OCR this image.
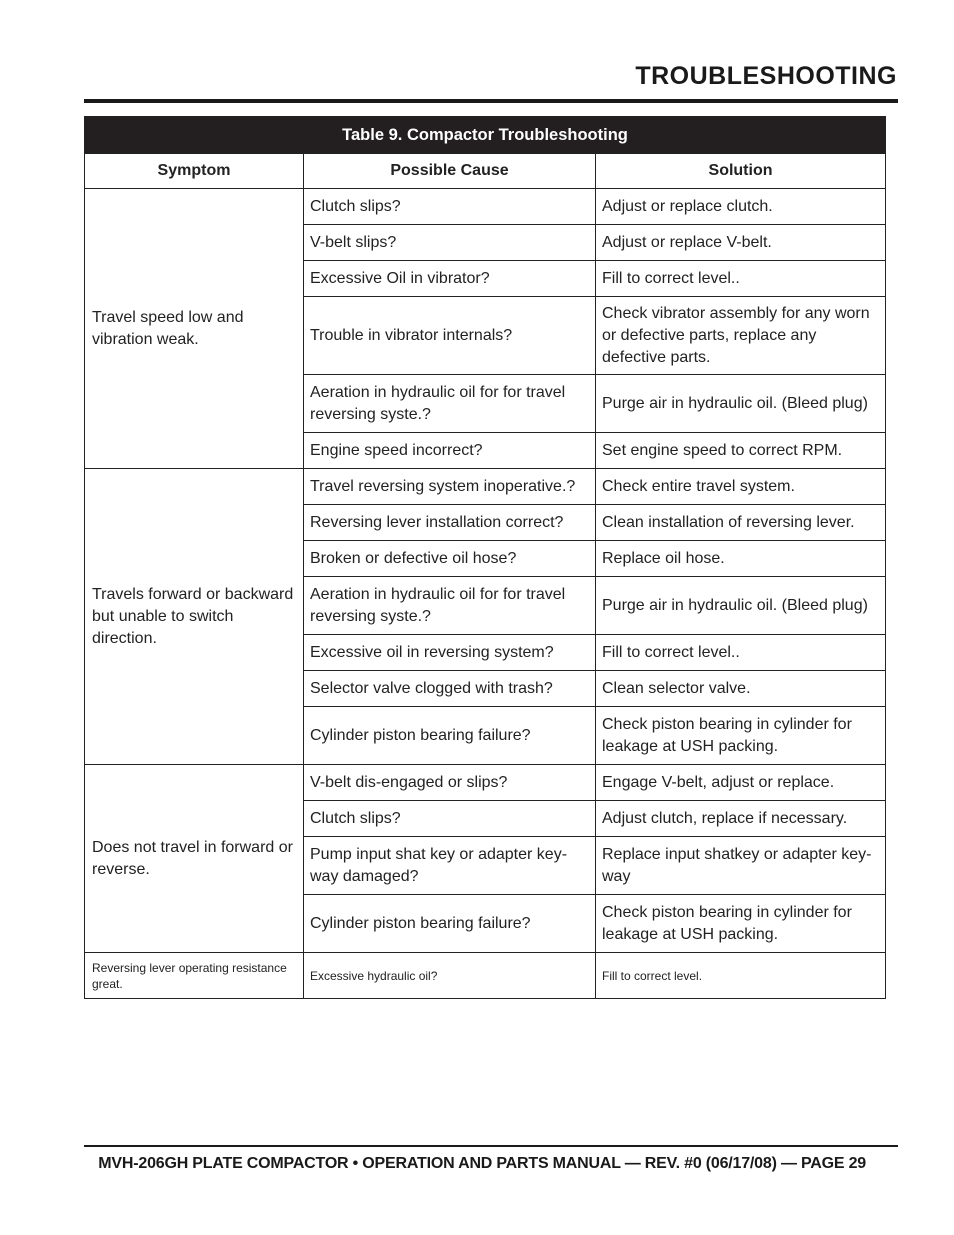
TROUBLESHOOTING
Table 9. Compactor Troubleshooting		
Symptom	Possible Cause	Solution
Travel speed low and vibration weak.	Clutch slips?	Adjust or replace clutch.
	V-belt slips?	Adjust or replace V-belt.
	Excessive Oil in vibrator?	Fill to correct level..
	Trouble in vibrator internals?	Check vibrator assembly for any worn or defective parts, replace any defective parts.
	Aeration in hydraulic oil for for travel reversing syste.?	Purge air in hydraulic oil. (Bleed plug)
	Engine speed incorrect?	Set engine speed to correct RPM.
Travels forward or backward but unable to switch direction.	Travel reversing system inoperative.?	Check entire travel system.
	Reversing lever installation correct?	Clean installation of reversing lever.
	Broken or defective oil hose?	Replace oil hose.
	Aeration in hydraulic oil for for travel reversing syste.?	Purge air in hydraulic oil. (Bleed plug)
	Excessive oil in reversing system?	Fill to correct level..
	Selector valve clogged with trash?	Clean selector valve.
	Cylinder piston bearing failure?	Check piston bearing in cylinder for leakage at USH packing.
Does not travel in forward or reverse.	V-belt dis-engaged or slips?	Engage V-belt, adjust or replace.
	Clutch slips?	Adjust clutch, replace if necessary.
	Pump input shat key or adapter key-way damaged?	Replace input shatkey or adapter key-way
	Cylinder piston bearing failure?	Check piston bearing in cylinder for leakage at USH packing.
Reversing lever operating resistance great.	Excessive hydraulic oil?	Fill to correct level.
MVH-206GH PLATE COMPACTOR • OPERATION AND PARTS MANUAL — REV. #0 (06/17/08) — PAGE 29
